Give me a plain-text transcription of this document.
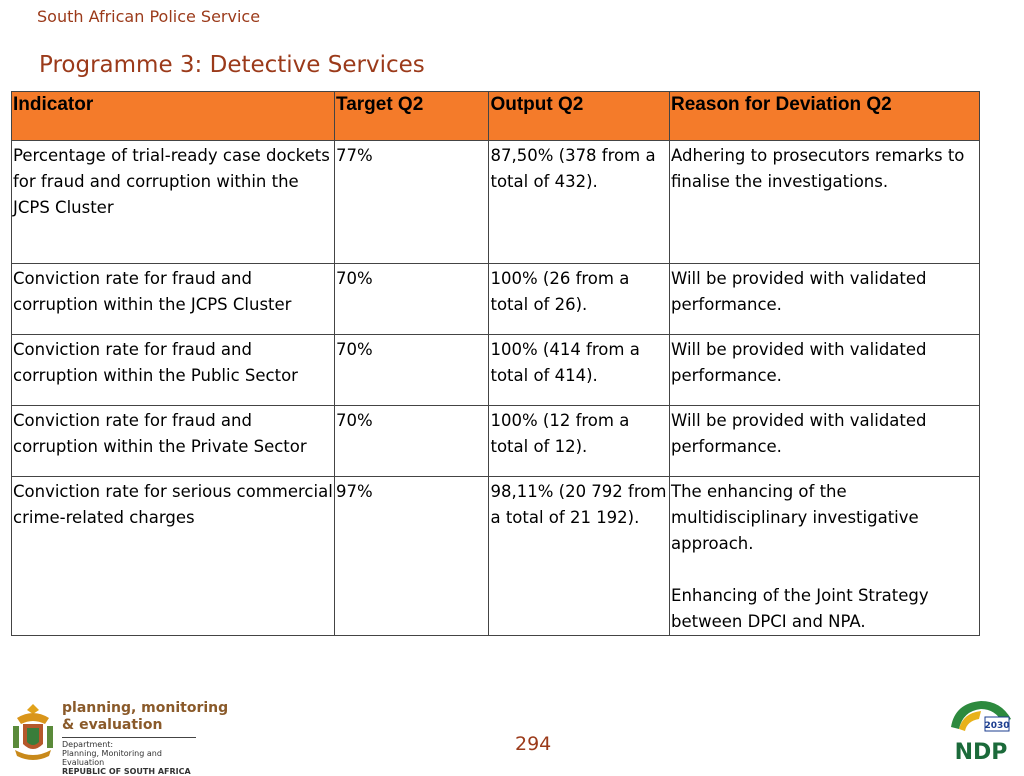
South African Police Service
Programme 3: Detective Services
Indicator	Target Q2	Output Q2	Reason for Deviation Q2
Percentage of trial-ready case dockets for fraud and corruption within the JCPS Cluster	77%	87,50% (378 from a total of 432).	Adhering to prosecutors remarks to finalise the investigations.
Conviction rate for fraud and corruption within the JCPS Cluster	70%	100% (26 from a total of 26).	Will be provided with validated performance.
Conviction rate for fraud and corruption within the Public Sector	70%	100% (414 from a total of 414).	Will be provided with validated performance.
Conviction rate for fraud and corruption within the Private Sector	70%	100% (12 from a total of 12).	Will be provided with validated performance.
Conviction rate for serious commercial crime-related charges	97%	98,11% (20 792 from a total of 21 192).	The enhancing of the multidisciplinary investigative approach.
Enhancing of the Joint Strategy between DPCI and NPA.
planning, monitoring
& evaluation
Department:
Planning, Monitoring and Evaluation
REPUBLIC OF SOUTH AFRICA
294
2030
NDP
